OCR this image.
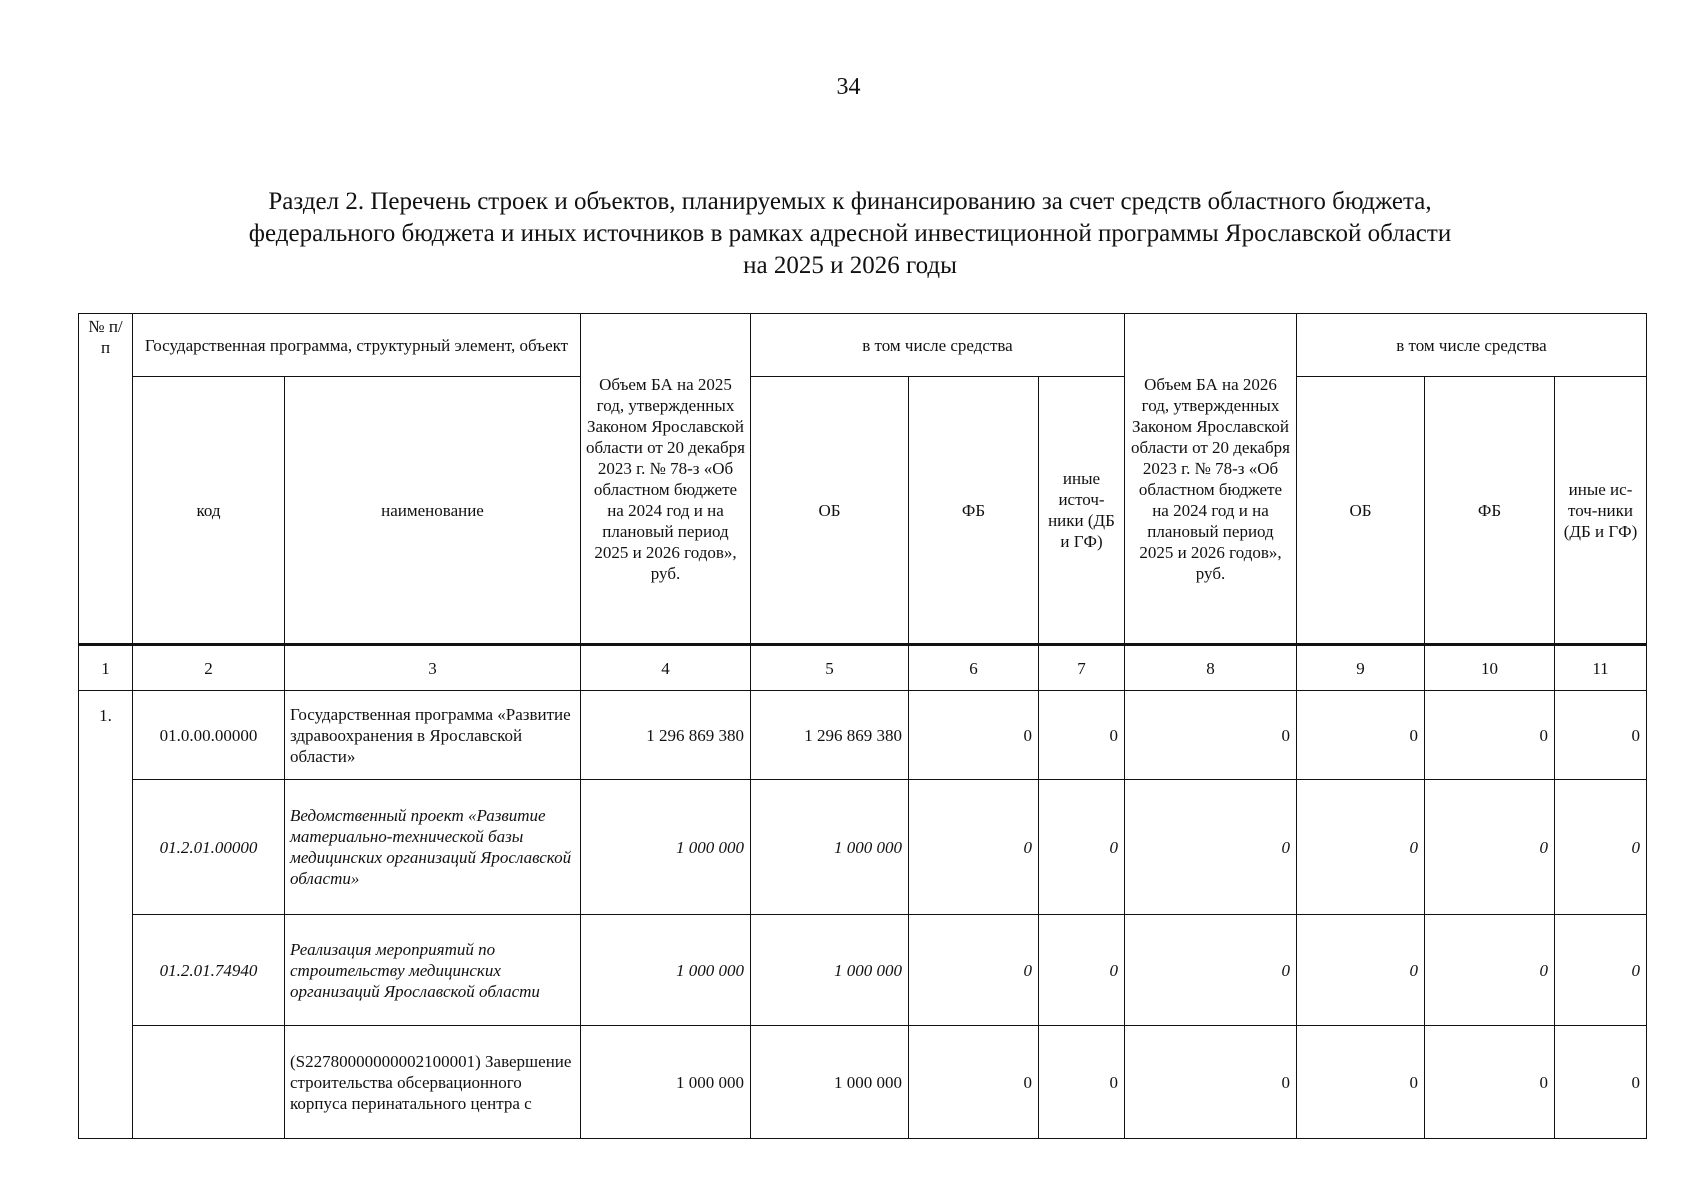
34
Раздел 2. Перечень строек и объектов, планируемых к финансированию за счет средств областного бюджета,
федерального бюджета и иных источников в рамках адресной инвестиционной программы Ярославской области
на 2025 и 2026 годы
№ п/п	Государственная программа, структурный элемент, объект		Объем БА на 2025 год, утвержденных Законом Ярославской области от 20 декабря 2023 г. № 78-з «Об областном бюджете на 2024 год и на плановый период 2025 и 2026 годов», руб.	в том числе средства			Объем БА на 2026 год, утвержденных Законом Ярославской области от 20 декабря 2023 г. № 78-з «Об областном бюджете на 2024 год и на плановый период 2025 и 2026 годов», руб.	в том числе средства		
	код	наименование		ОБ	ФБ	иные источ-ники (ДБ и ГФ)		ОБ	ФБ	иные ис-точ-ники (ДБ и ГФ)
1	2	3	4	5	6	7	8	9	10	11
1.	01.0.00.00000	Государственная программа «Развитие здравоохранения в Ярославской области»	1 296 869 380	1 296 869 380	0	0	0	0	0	0
	01.2.01.00000	Ведомственный проект «Развитие материально-технической базы медицинских организаций Ярославской области»	1 000 000	1 000 000	0	0	0	0	0	0
	01.2.01.74940	Реализация мероприятий по строительству медицинских организаций Ярославской области	1 000 000	1 000 000	0	0	0	0	0	0
		(S22780000000002100001) Завершение строительства обсервационного корпуса перинатального центра с	1 000 000	1 000 000	0	0	0	0	0	0
